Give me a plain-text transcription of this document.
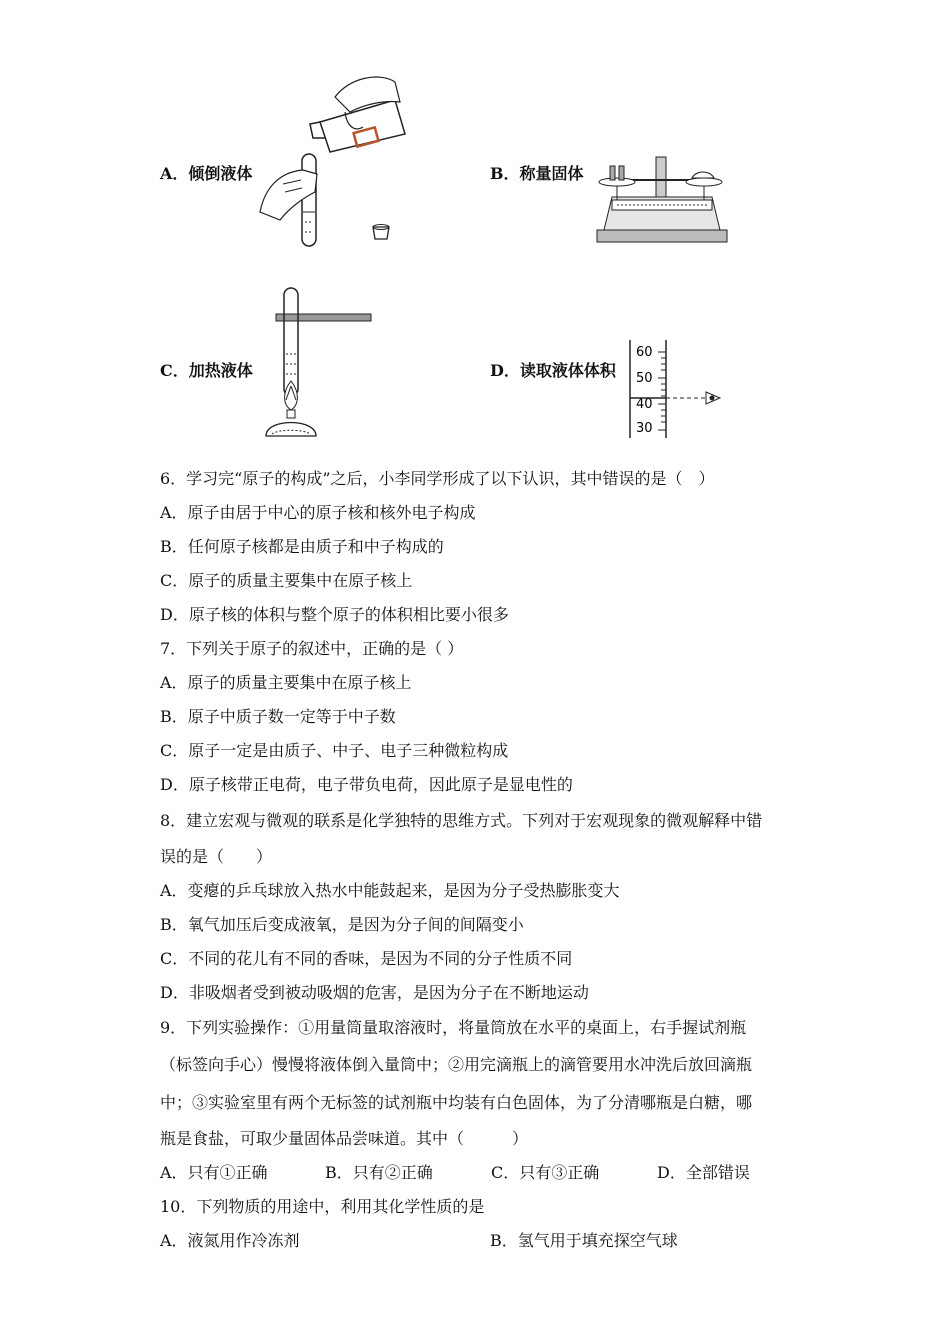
A．倾倒液体	B．称量固体
C．加热液体	D．读取液体体积
60
50
40
30
6．学习完“原子的构成”之后，小李同学形成了以下认识，其中错误的是（　）
A．原子由居于中心的原子核和核外电子构成
B．任何原子核都是由质子和中子构成的
C．原子的质量主要集中在原子核上
D．原子核的体积与整个原子的体积相比要小很多
7．下列关于原子的叙述中，正确的是（ ）
A．原子的质量主要集中在原子核上
B．原子中质子数一定等于中子数
C．原子一定是由质子、中子、电子三种微粒构成
D．原子核带正电荷，电子带负电荷，因此原子是显电性的
8．建立宏观与微观的联系是化学独特的思维方式。下列对于宏观现象的微观解释中错
误的是（　　）
A．变瘪的乒乓球放入热水中能鼓起来，是因为分子受热膨胀变大
B．氧气加压后变成液氧，是因为分子间的间隔变小
C．不同的花儿有不同的香味，是因为不同的分子性质不同
D．非吸烟者受到被动吸烟的危害，是因为分子在不断地运动
9．下列实验操作：①用量筒量取溶液时，将量筒放在水平的桌面上，右手握试剂瓶
（标签向手心）慢慢将液体倒入量筒中；②用完滴瓶上的滴管要用水冲洗后放回滴瓶
中；③实验室里有两个无标签的试剂瓶中均装有白色固体，为了分清哪瓶是白糖，哪
瓶是食盐，可取少量固体品尝味道。其中（　　　）
A．只有①正确	B．只有②正确	C．只有③正确	D．全部错误
10．下列物质的用途中，利用其化学性质的是
A．液氮用作冷冻剂	B．氢气用于填充探空气球
